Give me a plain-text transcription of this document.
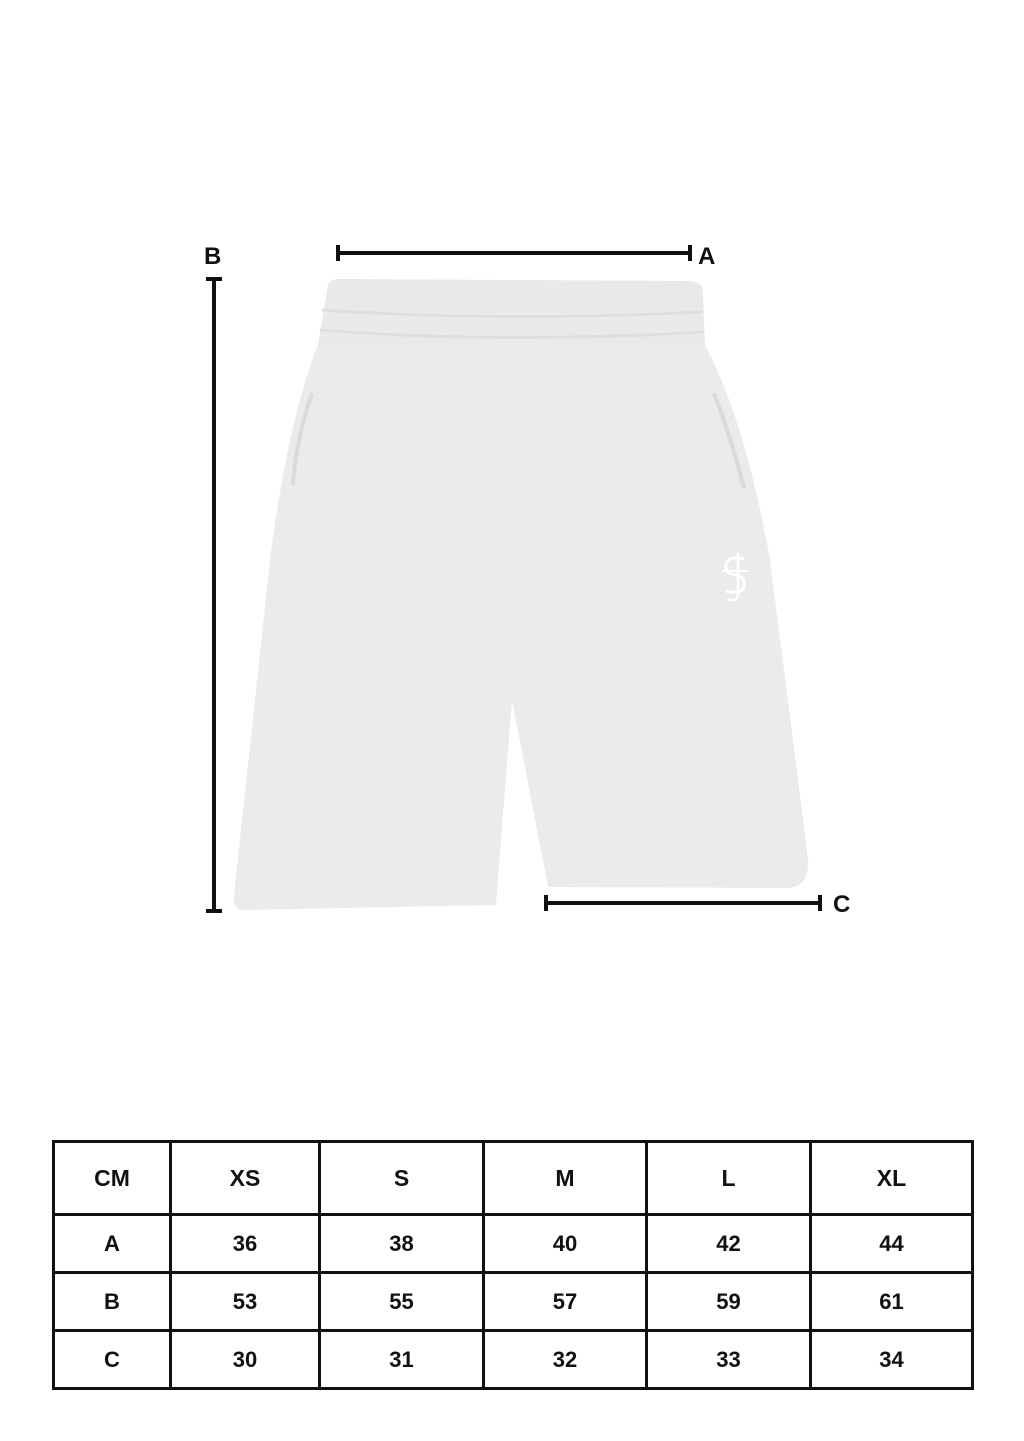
A
B
C
CM	XS	S	M	L	XL
A	36	38	40	42	44
B	53	55	57	59	61
C	30	31	32	33	34
